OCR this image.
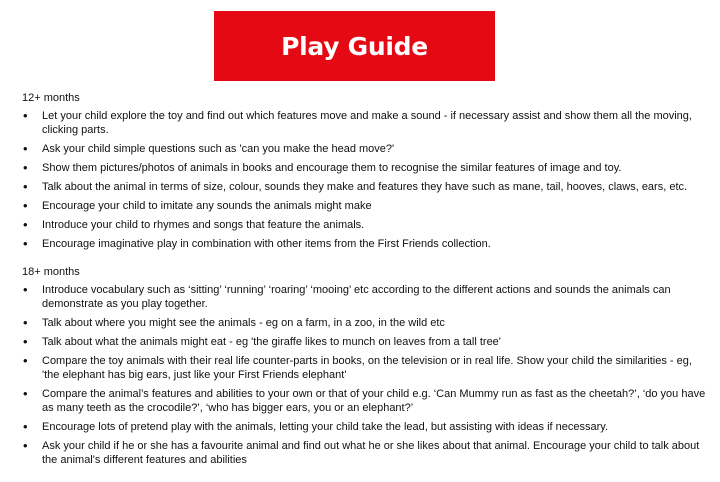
Play Guide
12+ months
• Let your child explore the toy and find out which features move and make a sound - if necessary assist and show them all the moving, clicking parts.
• Ask your child simple questions such as 'can you make the head move?'
• Show them pictures/photos of animals in books and encourage them to recognise the similar features of image and toy.
• Talk about the animal in terms of size, colour, sounds they make and features they have such as mane, tail, hooves, claws, ears, etc.
• Encourage your child to imitate any sounds the animals might make
• Introduce your child to rhymes and songs that feature the animals.
• Encourage imaginative play in combination with other items from the First Friends collection.
18+ months
• Introduce vocabulary such as ‘sitting’ ‘running’ ‘roaring’ ‘mooing’ etc according to the different actions and sounds the animals can demonstrate as you play together.
• Talk about where you might see the animals - eg on a farm, in a zoo, in the wild etc
• Talk about what the animals might eat - eg 'the giraffe likes to munch on leaves from a tall tree'
• Compare the toy animals with their real life counter-parts in books, on the television or in real life. Show your child the similarities - eg, 'the elephant has big ears, just like your First Friends elephant'
• Compare the animal’s features and abilities to your own or that of your child e.g. ‘Can Mummy run as fast as the cheetah?’, ‘do you have as many teeth as the crocodile?’, ‘who has bigger ears, you or an elephant?’
• Encourage lots of pretend play with the animals, letting your child take the lead, but assisting with ideas if necessary.
• Ask your child if he or she has a favourite animal and find out what he or she likes about that animal. Encourage your child to talk about the animal's different features and abilities
